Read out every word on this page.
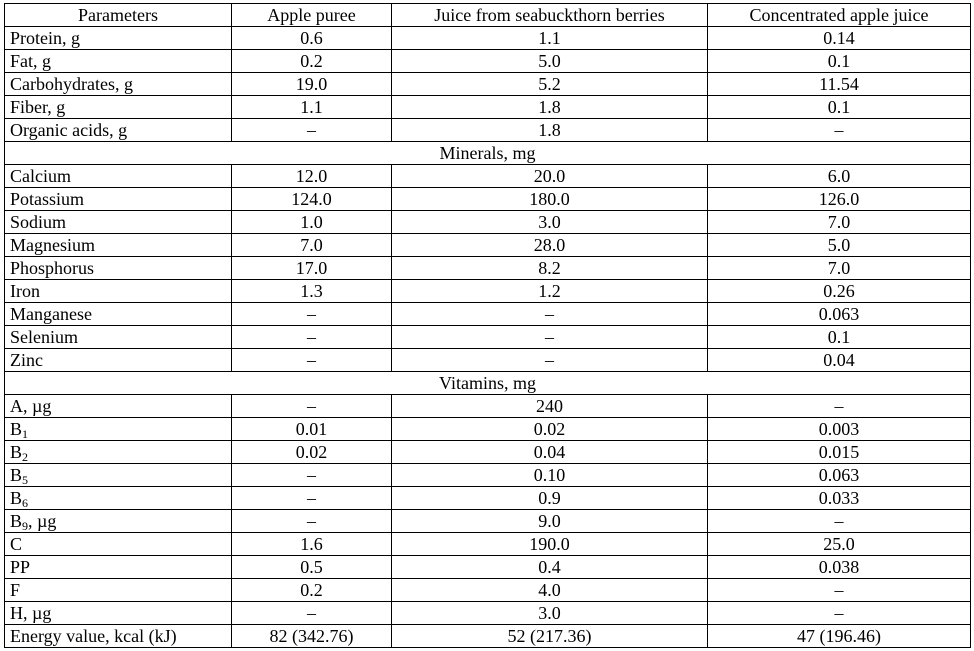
Parameters	Apple puree	Juice from seabuckthorn berries	Concentrated apple juice
Protein, g	0.6	1.1	0.14
Fat, g	0.2	5.0	0.1
Carbohydrates, g	19.0	5.2	11.54
Fiber, g	1.1	1.8	0.1
Organic acids, g	–	1.8	–
Minerals, mg			
Calcium	12.0	20.0	6.0
Potassium	124.0	180.0	126.0
Sodium	1.0	3.0	7.0
Magnesium	7.0	28.0	5.0
Phosphorus	17.0	8.2	7.0
Iron	1.3	1.2	0.26
Manganese	–	–	0.063
Selenium	–	–	0.1
Zinc	–	–	0.04
Vitamins, mg			
A, µg	–	240	–
$B_1$	0.01	0.02	0.003
$B_2$	0.02	0.04	0.015
$B_5$	–	0.10	0.063
$B_6$	–	0.9	0.033
$B_9$, µg	–	9.0	–
C	1.6	190.0	25.0
PP	0.5	0.4	0.038
F	0.2	4.0	–
H, µg	–	3.0	–
Energy value, kcal (kJ)	82 (342.76)	52 (217.36)	47 (196.46)
